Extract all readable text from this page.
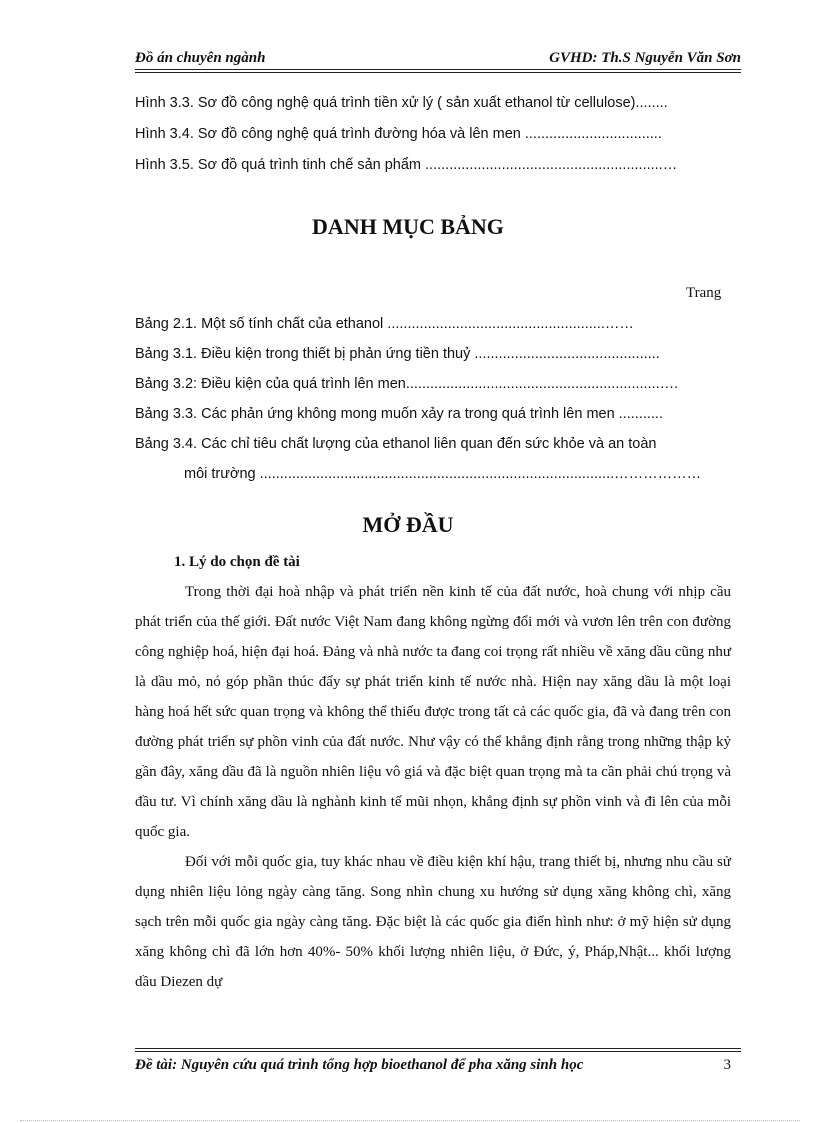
Đồ án chuyên ngành	GVHD: Th.S Nguyễn Văn Sơn
Hình 3.3. Sơ đồ công nghệ quá trình tiền xử lý ( sản xuất ethanol từ cellulose)........
Hình 3.4. Sơ đồ công nghệ quá trình đường hóa và lên men ..................................
Hình 3.5. Sơ đồ quá trình tinh chế sản phẩm ...........................................................…
DANH MỤC BẢNG
Trang
Bảng 2.1. Một số tính chất của ethanol ......................................................……
Bảng 3.1. Điều kiện trong thiết bị phản ứng tiền thuỷ ..............................................
Bảng 3.2: Điều kiện của quá trình lên men...............................................................….
Bảng 3.3. Các phản ứng không mong muốn xảy ra trong quá trình lên men ...........
Bảng 3.4. Các chỉ tiêu chất lượng của ethanol liên quan đến sức khỏe và an toàn
môi trường ........................................................................................………………
MỞ ĐẦU
1. Lý do chọn đề tài

Trong thời đại hoà nhập và phát triển nền kinh tế của đất nước, hoà chung với nhịp cầu phát triển của thế giới. Đất nước Việt Nam đang không ngừng đổi mới và vươn lên trên con đường công nghiệp hoá, hiện đại hoá. Đảng và nhà nước ta đang coi trọng rất nhiều về xăng dầu cũng như là dầu mỏ, nó góp phần thúc đẩy sự phát triển kinh tế nước nhà. Hiện nay xăng dầu là một loại hàng hoá hết sức quan trọng và không thể thiếu được trong tất cả các quốc gia, đã và đang trên con đường phát triển sự phồn vinh của đất nước. Như vậy có thể khẳng định rằng trong những thập kỷ gần đây, xăng dầu đã là nguồn nhiên liệu vô giá và đặc biệt quan trọng mà ta cần phải chú trọng và đầu tư. Vì chính xăng dầu là nghành kinh tế mũi nhọn, khẳng định sự phồn vinh và đi lên của mỗi quốc gia.

Đối với mỗi quốc gia, tuy khác nhau về điều kiện khí hậu, trang thiết bị, nhưng nhu cầu sử dụng nhiên liệu lỏng ngày càng tăng. Song nhìn chung xu hướng sử dụng xăng không chì, xăng sạch trên mỗi quốc gia ngày càng tăng. Đặc biệt là các quốc gia điển hình như: ở mỹ hiện sử dụng xăng không chì đã lớn hơn 40%- 50% khối lượng nhiên liệu, ở Đức, ý, Pháp,Nhật... khối lượng dầu Diezen dự

Đề tài: Nguyên cứu quá trình tổng hợp bioethanol để pha xăng sinh học	3
